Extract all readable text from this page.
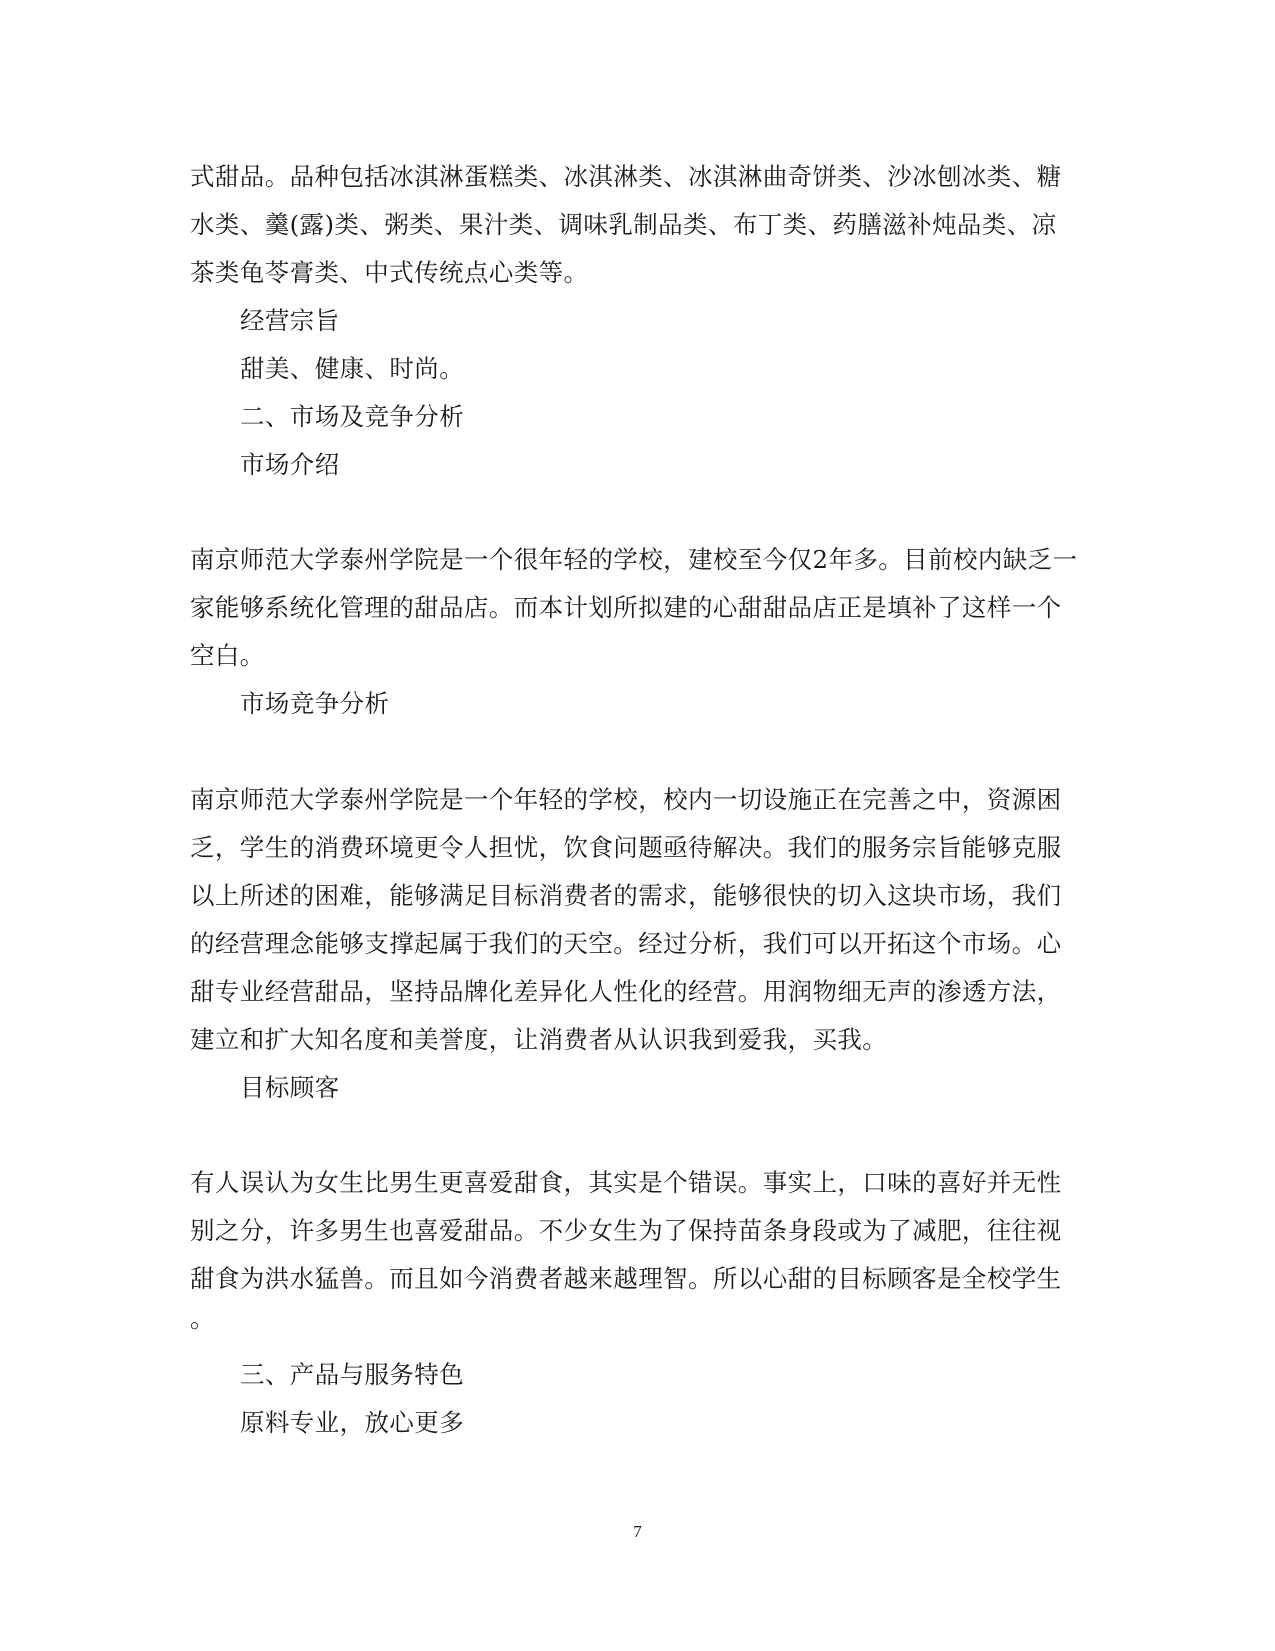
式甜品。品种包括冰淇淋蛋糕类、冰淇淋类、冰淇淋曲奇饼类、沙冰刨冰类、糖
水类、羹(露)类、粥类、果汁类、调味乳制品类、布丁类、药膳滋补炖品类、凉
茶类龟苓膏类、中式传统点心类等。
经营宗旨
甜美、健康、时尚。
二、市场及竞争分析
市场介绍
南京师范大学泰州学院是一个很年轻的学校，建校至今仅2年多。目前校内缺乏一
家能够系统化管理的甜品店。而本计划所拟建的心甜甜品店正是填补了这样一个
空白。
市场竞争分析
南京师范大学泰州学院是一个年轻的学校，校内一切设施正在完善之中，资源困
乏，学生的消费环境更令人担忧，饮食问题亟待解决。我们的服务宗旨能够克服
以上所述的困难，能够满足目标消费者的需求，能够很快的切入这块市场，我们
的经营理念能够支撑起属于我们的天空。经过分析，我们可以开拓这个市场。心
甜专业经营甜品，坚持品牌化差异化人性化的经营。用润物细无声的渗透方法，
建立和扩大知名度和美誉度，让消费者从认识我到爱我，买我。
目标顾客
有人误认为女生比男生更喜爱甜食，其实是个错误。事实上，口味的喜好并无性
别之分，许多男生也喜爱甜品。不少女生为了保持苗条身段或为了减肥，往往视
甜食为洪水猛兽。而且如今消费者越来越理智。所以心甜的目标顾客是全校学生
。
三、产品与服务特色
原料专业，放心更多
7
